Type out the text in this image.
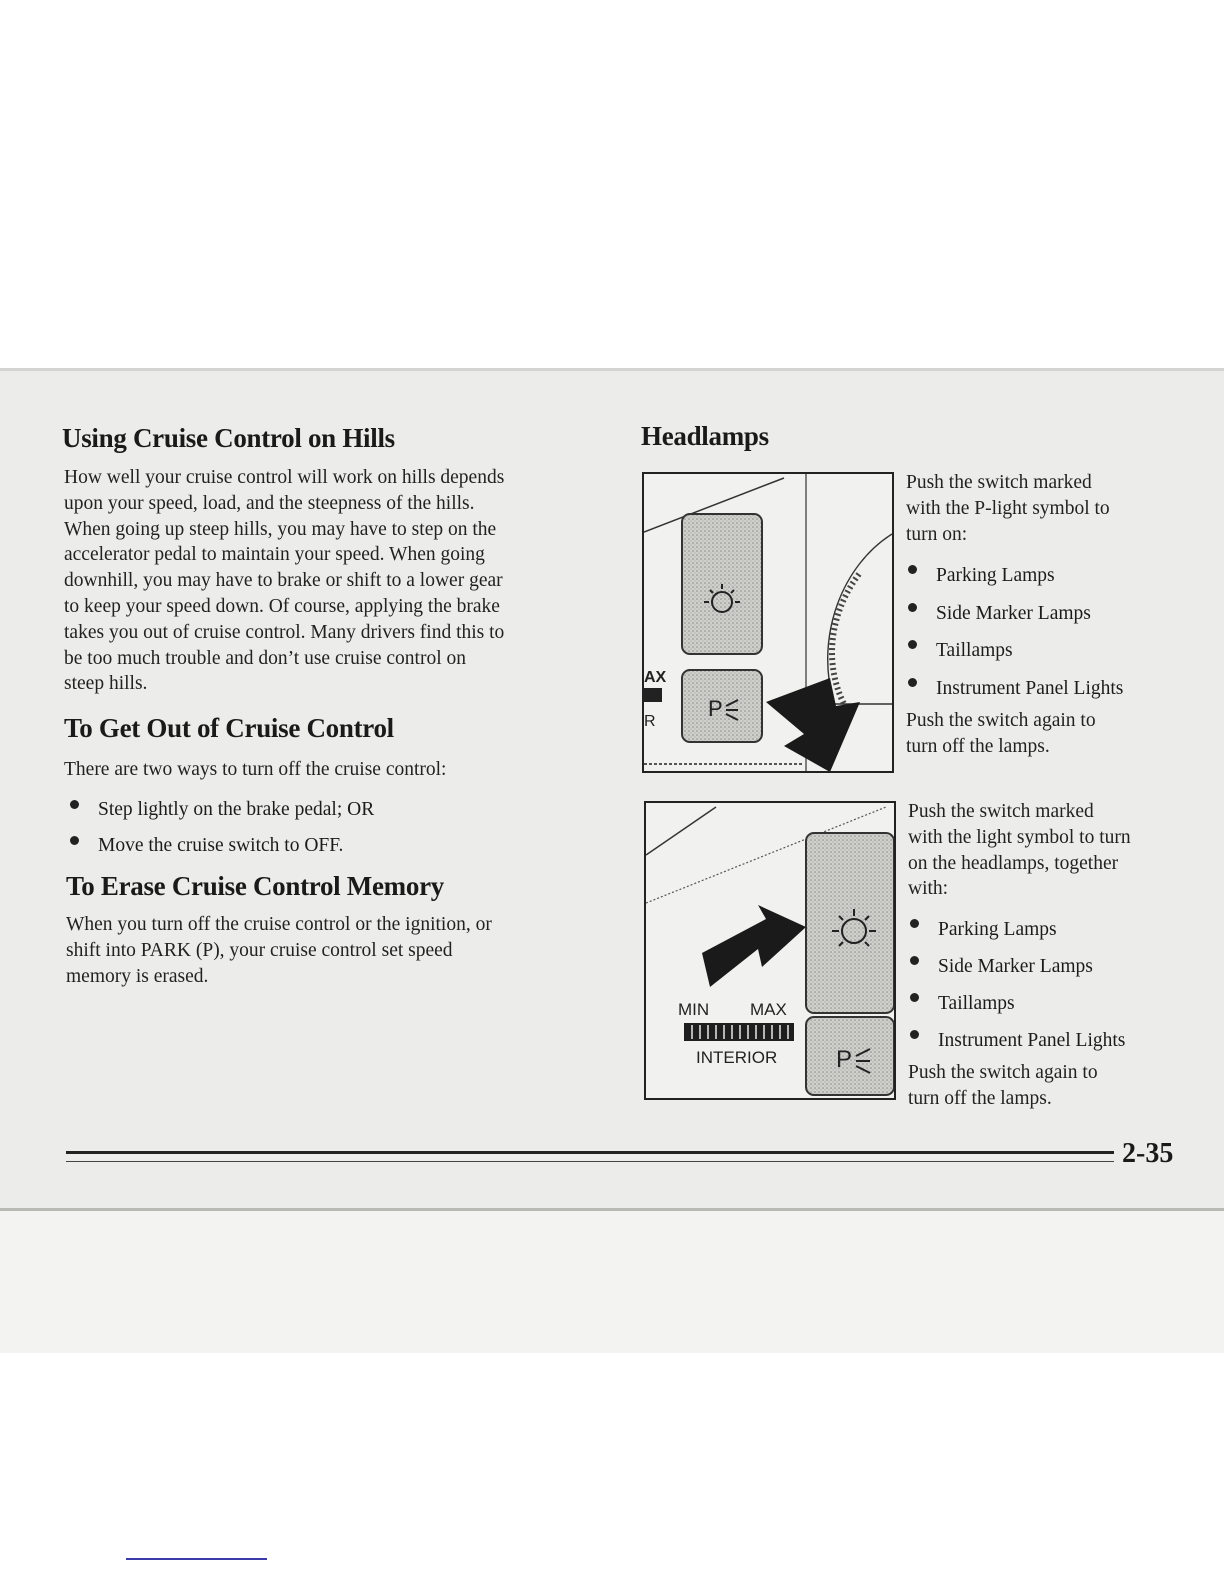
Using Cruise Control on Hills
How well your cruise control will work on hills depends
upon your speed, load, and the steepness of the hills.
When going up steep hills, you may have to step on the
accelerator pedal to maintain your speed. When going
downhill, you may have to brake or shift to a lower gear
to keep your speed down. Of course, applying the brake
takes you out of cruise control. Many drivers find this to
be too much trouble and don’t use cruise control on
steep hills.
To Get Out of Cruise Control
There are two ways to turn off the cruise control:
Step lightly on the brake pedal; OR
Move the cruise switch to OFF.
To Erase Cruise Control Memory
When you turn off the cruise control or the ignition, or
shift into PARK (P), your cruise control set speed
memory is erased.
Headlamps
P
AX
R
Push the switch marked
with the P-light symbol to
turn on:
Parking Lamps
Side Marker Lamps
Taillamps
Instrument Panel Lights
Push the switch again to
turn off the lamps.
P
MIN MAX
INTERIOR
Push the switch marked
with the light symbol to turn
on the headlamps, together
with:
Parking Lamps
Side Marker Lamps
Taillamps
Instrument Panel Lights
Push the switch again to
turn off the lamps.
2-35
